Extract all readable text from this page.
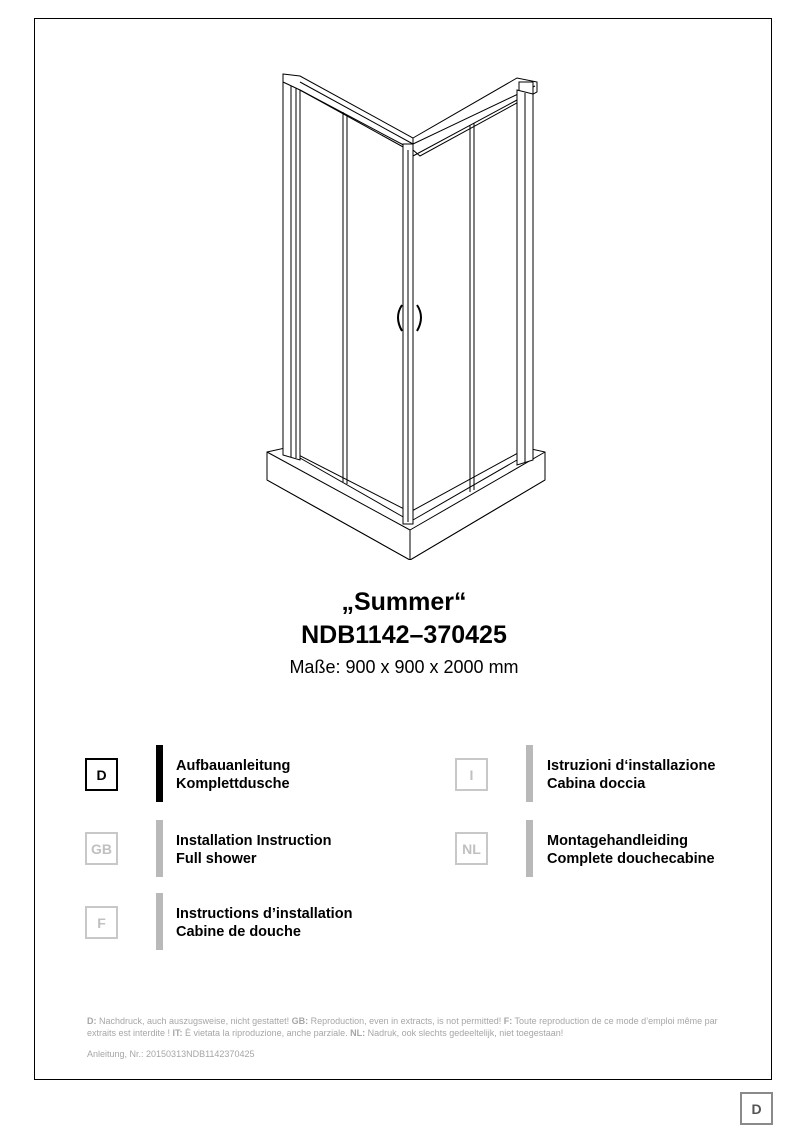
„Summer“
NDB1142–370425
Maße: 900 x 900 x 2000 mm
D
Aufbauanleitung
Komplettdusche
GB	Installation Instruction
Full shower
F
Instructions d’installation
Cabine de douche
I
Istruzioni d‘installazione
Cabina doccia
NL	Montagehandleiding
Complete douchecabine
D: Nachdruck, auch auszugsweise, nicht gestattet! GB: Reproduction, even in extracts, is not permitted! F: Toute reproduction de ce mode d’emploi même par extraits est interdite ! IT: È vietata la riproduzione, anche parziale. NL: Nadruk, ook slechts gedeeltelijk, niet toegestaan!
Anleitung, Nr.: 20150313NDB1142370425
D
